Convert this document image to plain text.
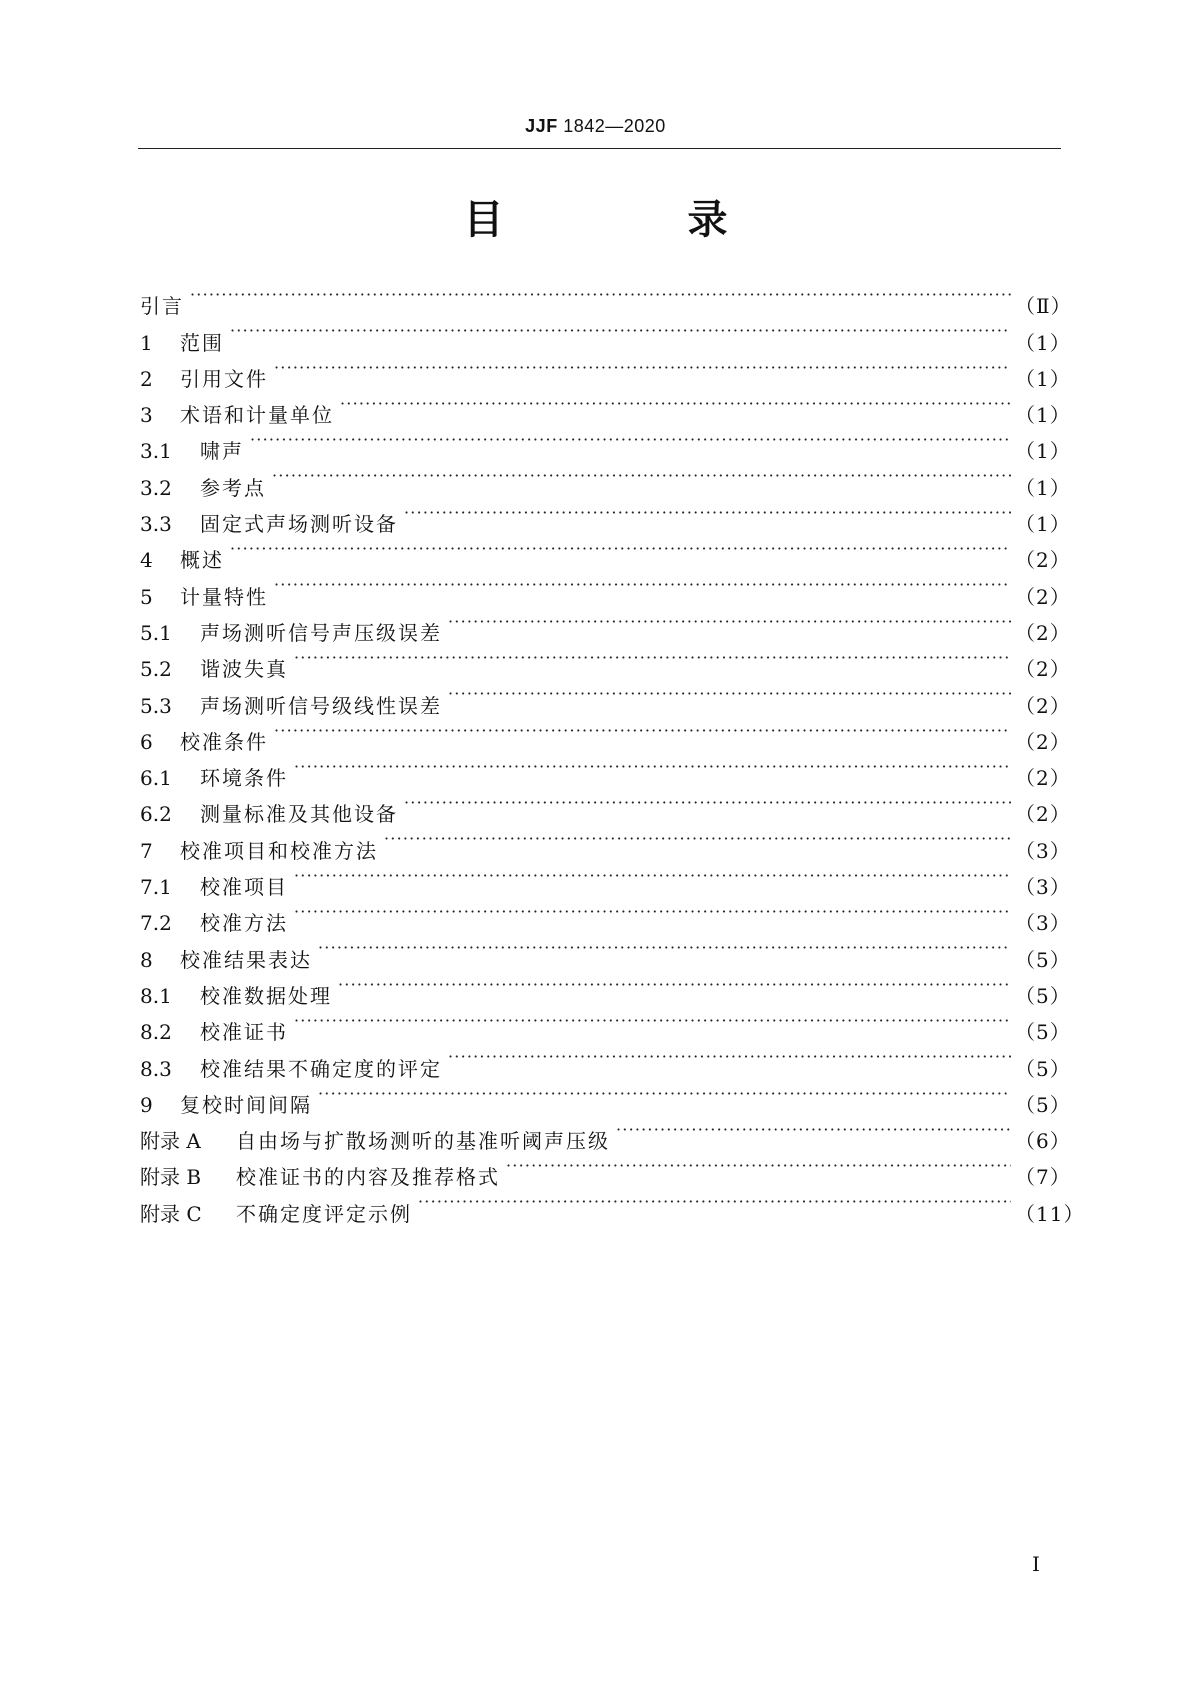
JJF 1842—2020
目　录
引言 ·····	（Ⅱ）
1	范围 ·····	（1）
2	引用文件 ·····	（1）
3	术语和计量单位 ·····	（1）
3.1	啸声 ·····	（1）
3.2	参考点 ·····	（1）
3.3	固定式声场测听设备 ·····	（1）
4	概述 ·····	（2）
5	计量特性 ·····	（2）
5.1	声场测听信号声压级误差 ·····	（2）
5.2	谐波失真 ·····	（2）
5.3	声场测听信号级线性误差 ·····	（2）
6	校准条件 ·····	（2）
6.1	环境条件 ·····	（2）
6.2	测量标准及其他设备 ·····	（2）
7	校准项目和校准方法 ·····	（3）
7.1	校准项目 ·····	（3）
7.2	校准方法 ·····	（3）
8	校准结果表达 ·····	（5）
8.1	校准数据处理 ·····	（5）
8.2	校准证书 ·····	（5）
8.3	校准结果不确定度的评定 ·····	（5）
9	复校时间间隔 ·····	（5）
附录 A	自由场与扩散场测听的基准听阈声压级 ·····	（6）
附录 B	校准证书的内容及推荐格式 ·····	（7）
附录 C	不确定度评定示例 ·····	（11）
Ⅰ
